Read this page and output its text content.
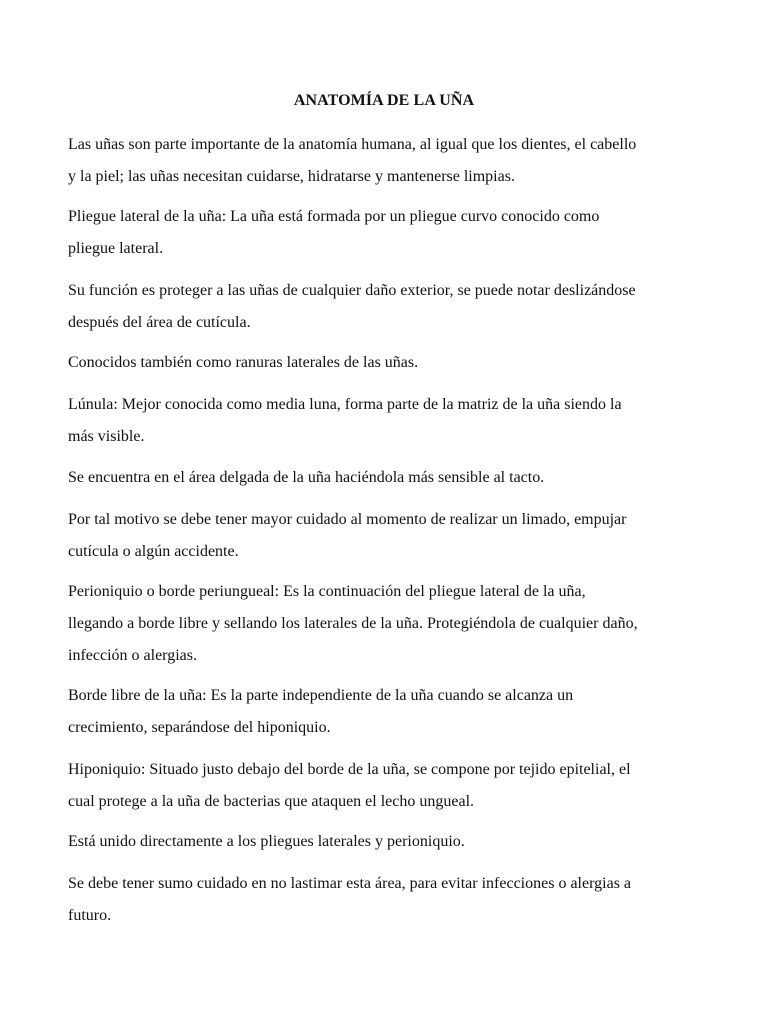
ANATOMÍA DE LA UÑA

Las uñas son parte importante de la anatomía humana, al igual que los dientes, el cabello
y la piel; las uñas necesitan cuidarse, hidratarse y mantenerse limpias.

Pliegue lateral de la uña: La uña está formada por un pliegue curvo conocido como
pliegue lateral.

Su función es proteger a las uñas de cualquier daño exterior, se puede notar deslizándose
después del área de cutícula.

Conocidos también como ranuras laterales de las uñas.

Lúnula: Mejor conocida como media luna, forma parte de la matriz de la uña siendo la
más visible.

Se encuentra en el área delgada de la uña haciéndola más sensible al tacto.

Por tal motivo se debe tener mayor cuidado al momento de realizar un limado, empujar
cutícula o algún accidente.

Perioniquio o borde periungueal: Es la continuación del pliegue lateral de la uña,
llegando a borde libre y sellando los laterales de la uña. Protegiéndola de cualquier daño,
infección o alergias.

Borde libre de la uña: Es la parte independiente de la uña cuando se alcanza un
crecimiento, separándose del hiponiquio.

Hiponiquio: Situado justo debajo del borde de la uña, se compone por tejido epitelial, el
cual protege a la uña de bacterias que ataquen el lecho ungueal.

Está unido directamente a los pliegues laterales y perioniquio.

Se debe tener sumo cuidado en no lastimar esta área, para evitar infecciones o alergias a
futuro.
